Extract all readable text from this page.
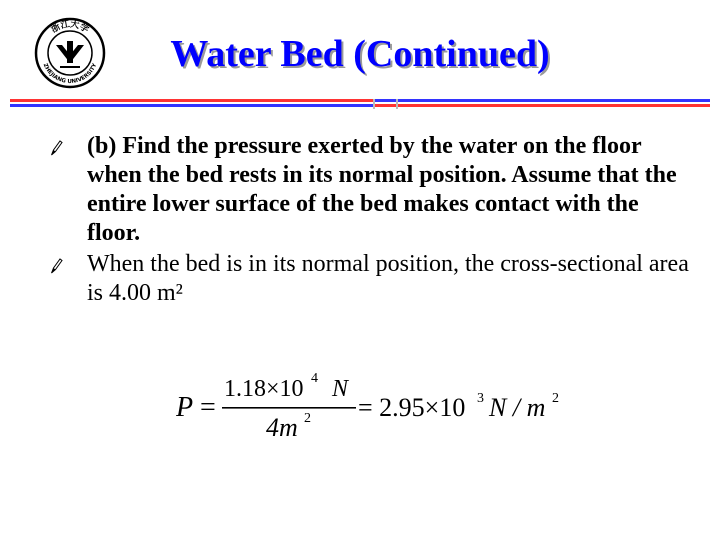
浙江大学
ZHEJIANG UNIVERSITY	Water Bed (Continued)
(b) Find the pressure exerted by the water on the floor when the bed rests in its normal position. Assume that the entire lower surface of the bed makes contact with the floor.
When the bed is in its normal position, the cross-sectional area is 4.00 m²
P =
1.18×10 4 N
4m 2 = 2.95×10 3 N / m 2
